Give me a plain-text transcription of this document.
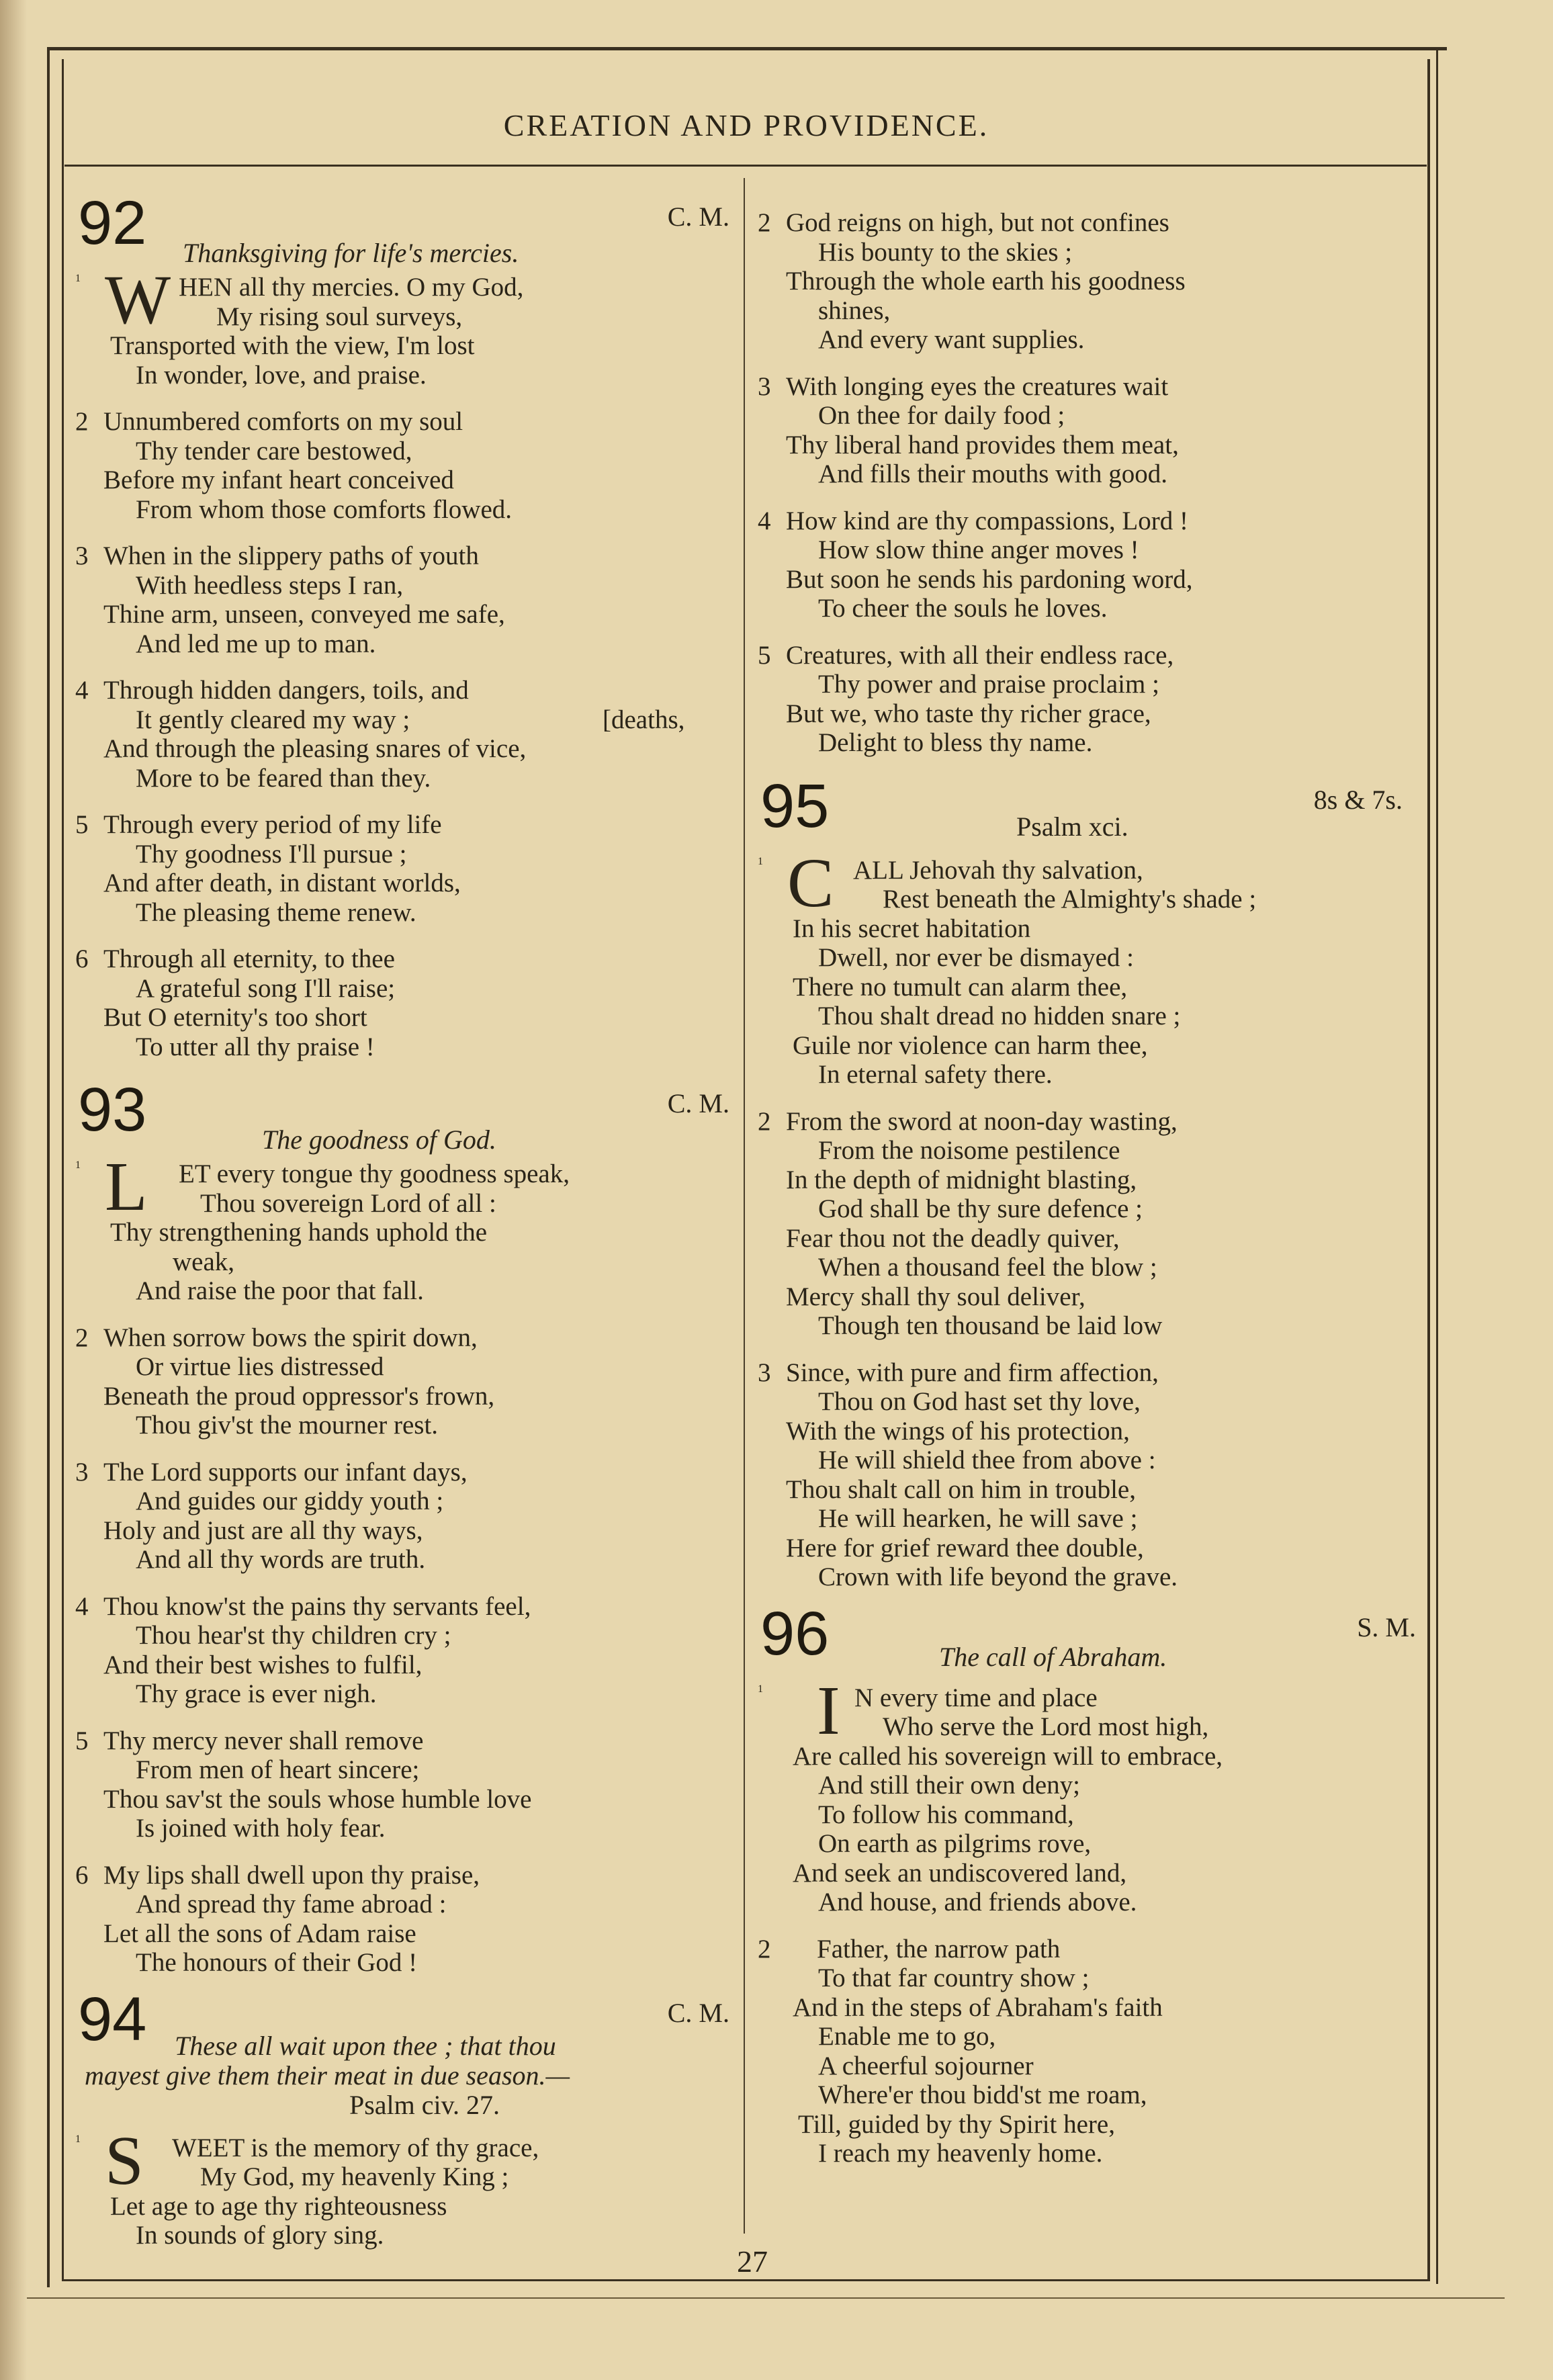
CREATION AND PROVIDENCE.
92	C. M.
Thanksgiving for life's mercies.
1 W HEN all thy mercies. O my God,
My rising soul surveys,
Transported with the view, I'm lost
In wonder, love, and praise.
2 Unnumbered comforts on my soul
Thy tender care bestowed,
Before my infant heart conceived
From whom those comforts flowed.
3 When in the slippery paths of youth
With heedless steps I ran,
Thine arm, unseen, conveyed me safe,
And led me up to man.
4 Through hidden dangers, toils, and
It gently cleared my way ;	[deaths,
And through the pleasing snares of vice,
More to be feared than they.
5 Through every period of my life
Thy goodness I'll pursue ;
And after death, in distant worlds,
The pleasing theme renew.
6 Through all eternity, to thee
A grateful song I'll raise;
But O eternity's too short
To utter all thy praise !
93	C. M.
The goodness of God.
1 L	ET every tongue thy goodness speak,
Thou sovereign Lord of all :
Thy strengthening hands uphold the
weak,
And raise the poor that fall.
2 When sorrow bows the spirit down,
Or virtue lies distressed
Beneath the proud oppressor's frown,
Thou giv'st the mourner rest.
3 The Lord supports our infant days,
And guides our giddy youth ;
Holy and just are all thy ways,
And all thy words are truth.
4 Thou know'st the pains thy servants feel,
Thou hear'st thy children cry ;
And their best wishes to fulfil,
Thy grace is ever nigh.
5 Thy mercy never shall remove
From men of heart sincere;
Thou sav'st the souls whose humble love
Is joined with holy fear.
6 My lips shall dwell upon thy praise,
And spread thy fame abroad :
Let all the sons of Adam raise
The honours of their God !
94	C. M.
These all wait upon thee ; that thou
mayest give them their meat in due season.—
Psalm civ. 27.
1 S	WEET is the memory of thy grace,
My God, my heavenly King ;
Let age to age thy righteousness
In sounds of glory sing.
2 God reigns on high, but not confines
His bounty to the skies ;
Through the whole earth his goodness
shines,
And every want supplies.
3 With longing eyes the creatures wait
On thee for daily food ;
Thy liberal hand provides them meat,
And fills their mouths with good.
4 How kind are thy compassions, Lord !
How slow thine anger moves !
But soon he sends his pardoning word,
To cheer the souls he loves.
5 Creatures, with all their endless race,
Thy power and praise proclaim ;
But we, who taste thy richer grace,
Delight to bless thy name.
95	8s & 7s.
Psalm xci.
1 C ALL Jehovah thy salvation,
Rest beneath the Almighty's shade ;
In his secret habitation
Dwell, nor ever be dismayed :
There no tumult can alarm thee,
Thou shalt dread no hidden snare ;
Guile nor violence can harm thee,
In eternal safety there.
2 From the sword at noon-day wasting,
From the noisome pestilence
In the depth of midnight blasting,
God shall be thy sure defence ;
Fear thou not the deadly quiver,
When a thousand feel the blow ;
Mercy shall thy soul deliver,
Though ten thousand be laid low
3 Since, with pure and firm affection,
Thou on God hast set thy love,
With the wings of his protection,
He will shield thee from above :
Thou shalt call on him in trouble,
He will hearken, he will save ;
Here for grief reward thee double,
Crown with life beyond the grave.
96	S. M.
The call of Abraham.
1 I N every time and place
Who serve the Lord most high,
Are called his sovereign will to embrace,
And still their own deny;
To follow his command,
On earth as pilgrims rove,
And seek an undiscovered land,
And house, and friends above.
2 Father, the narrow path
To that far country show ;
And in the steps of Abraham's faith
Enable me to go,
A cheerful sojourner
Where'er thou bidd'st me roam,
Till, guided by thy Spirit here,
I reach my heavenly home.
27
